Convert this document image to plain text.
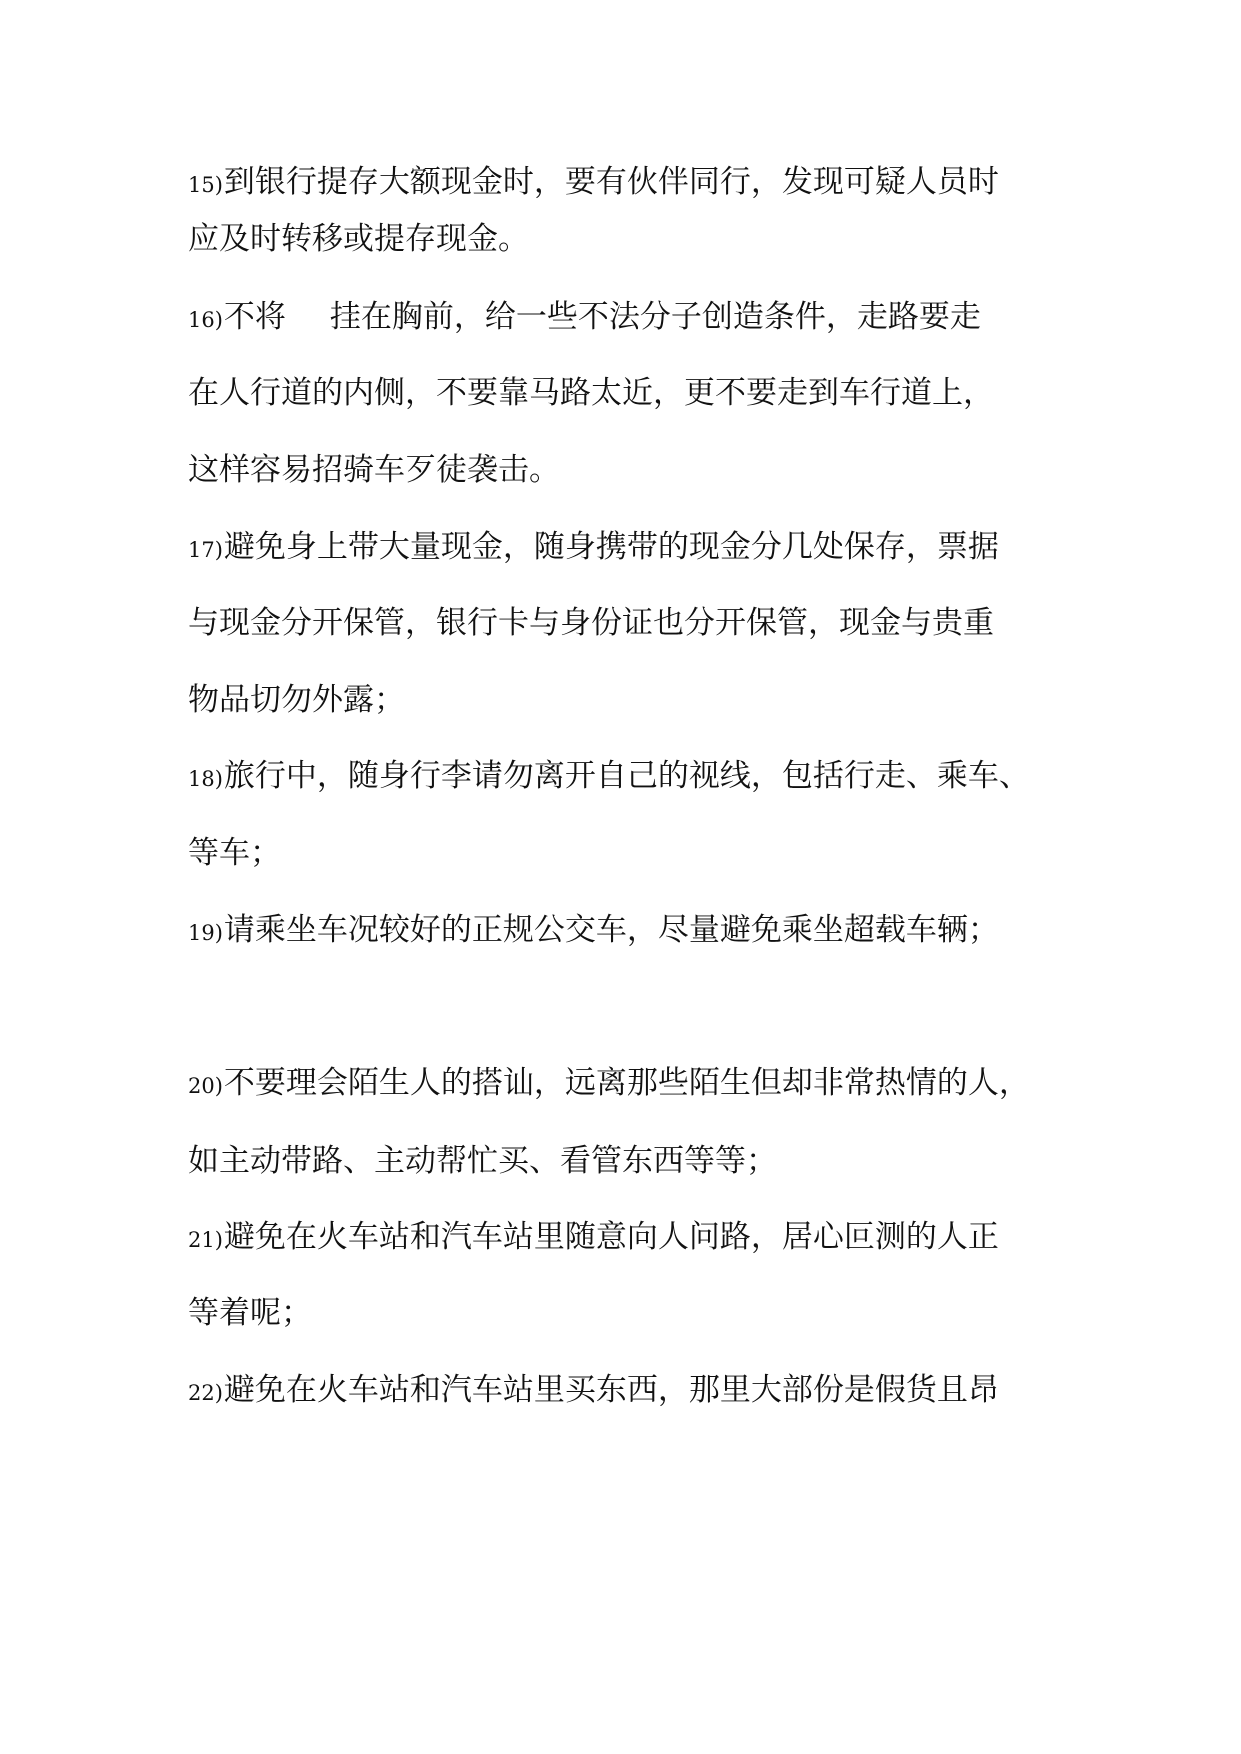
15)到银行提存大额现金时，要有伙伴同行，发现可疑人员时
应及时转移或提存现金。
16)不将 挂在胸前，给一些不法分子创造条件，走路要走
在人行道的内侧，不要靠马路太近，更不要走到车行道上，
这样容易招骑车歹徒袭击。
17)避免身上带大量现金，随身携带的现金分几处保存，票据
与现金分开保管，银行卡与身份证也分开保管，现金与贵重
物品切勿外露；
18)旅行中，随身行李请勿离开自己的视线，包括行走、乘车、
等车；
19)请乘坐车况较好的正规公交车，尽量避免乘坐超载车辆；
20)不要理会陌生人的搭讪，远离那些陌生但却非常热情的人，
如主动带路、主动帮忙买、看管东西等等；
21)避免在火车站和汽车站里随意向人问路，居心叵测的人正
等着呢；
22)避免在火车站和汽车站里买东西，那里大部份是假货且昂
